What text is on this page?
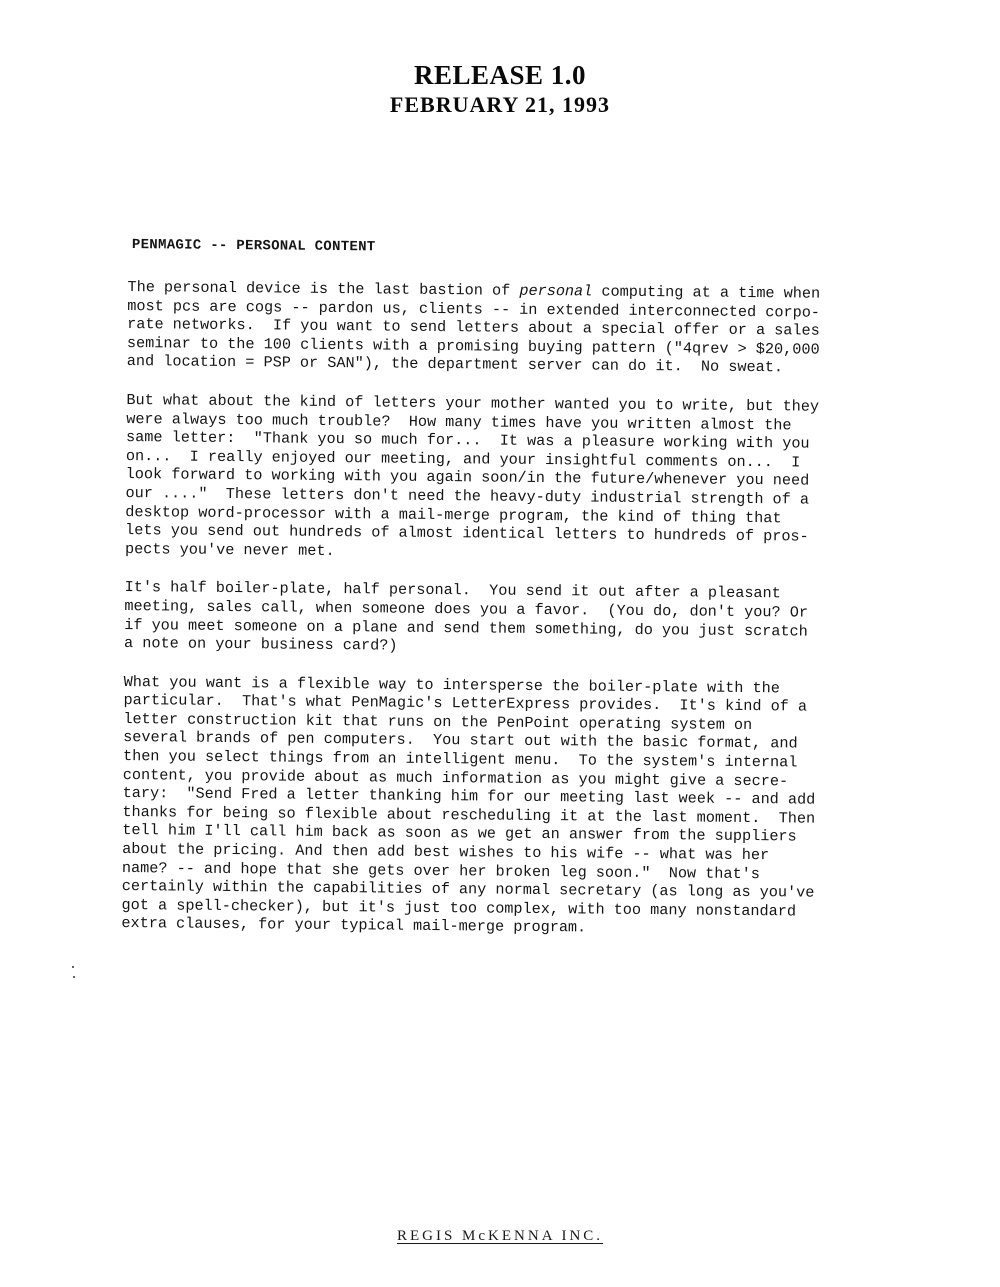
RELEASE 1.0
FEBRUARY 21, 1993
PENMAGIC -- PERSONAL CONTENT
The personal device is the last bastion of personal computing at a time when
most pcs are cogs -- pardon us, clients -- in extended interconnected corpo-
rate networks.  If you want to send letters about a special offer or a sales
seminar to the 100 clients with a promising buying pattern ("4qrev > $20,000
and location = PSP or SAN"), the department server can do it.  No sweat.
But what about the kind of letters your mother wanted you to write, but they
were always too much trouble?  How many times have you written almost the
same letter:  "Thank you so much for...  It was a pleasure working with you
on...  I really enjoyed our meeting, and your insightful comments on...  I
look forward to working with you again soon/in the future/whenever you need
our ...."  These letters don't need the heavy-duty industrial strength of a
desktop word-processor with a mail-merge program, the kind of thing that
lets you send out hundreds of almost identical letters to hundreds of pros-
pects you've never met.
It's half boiler-plate, half personal.  You send it out after a pleasant
meeting, sales call, when someone does you a favor.  (You do, don't you? Or
if you meet someone on a plane and send them something, do you just scratch
a note on your business card?)
What you want is a flexible way to intersperse the boiler-plate with the
particular.  That's what PenMagic's LetterExpress provides.  It's kind of a
letter construction kit that runs on the PenPoint operating system on
several brands of pen computers.  You start out with the basic format, and
then you select things from an intelligent menu.  To the system's internal
content, you provide about as much information as you might give a secre-
tary:  "Send Fred a letter thanking him for our meeting last week -- and add
thanks for being so flexible about rescheduling it at the last moment.  Then
tell him I'll call him back as soon as we get an answer from the suppliers
about the pricing. And then add best wishes to his wife -- what was her
name? -- and hope that she gets over her broken leg soon."  Now that's
certainly within the capabilities of any normal secretary (as long as you've
got a spell-checker), but it's just too complex, with too many nonstandard
extra clauses, for your typical mail-merge program.
REGIS McKENNA INC.
